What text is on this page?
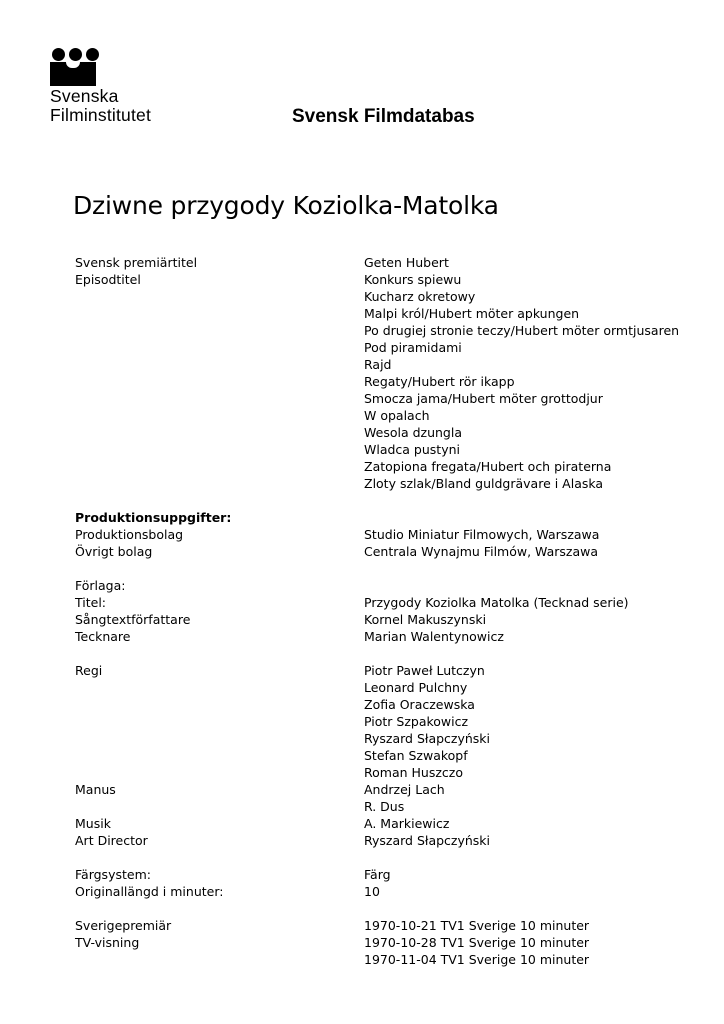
Svenska
Filminstitutet	Svensk Filmdatabas
Dziwne przygody Koziolka-Matolka
Svensk premiärtitel	Geten Hubert
Episodtitel	Konkurs spiewu
Kucharz okretowy
Malpi król/Hubert möter apkungen
Po drugiej stronie teczy/Hubert möter ormtjusaren
Pod piramidami
Rajd
Regaty/Hubert rör ikapp
Smocza jama/Hubert möter grottodjur
W opalach
Wesola dzungla
Wladca pustyni
Zatopiona fregata/Hubert och piraterna
Zloty szlak/Bland guldgrävare i Alaska
Produktionsuppgifter:
Produktionsbolag	Studio Miniatur Filmowych, Warszawa
Övrigt bolag	Centrala Wynajmu Filmów, Warszawa
Förlaga:
Titel:	Przygody Koziolka Matolka (Tecknad serie)
Sångtextförfattare	Kornel Makuszynski
Tecknare	Marian Walentynowicz
Regi	Piotr Paweł Lutczyn
Leonard Pulchny
Zofia Oraczewska
Piotr Szpakowicz
Ryszard Słapczyński
Stefan Szwakopf
Roman Huszczo
Manus	Andrzej Lach
R. Dus
Musik	A. Markiewicz
Art Director	Ryszard Słapczyński
Färgsystem:	Färg
Originallängd i minuter:	10
Sverigepremiär	1970-10-21 TV1 Sverige 10 minuter
TV-visning	1970-10-28 TV1 Sverige 10 minuter
1970-11-04 TV1 Sverige 10 minuter
